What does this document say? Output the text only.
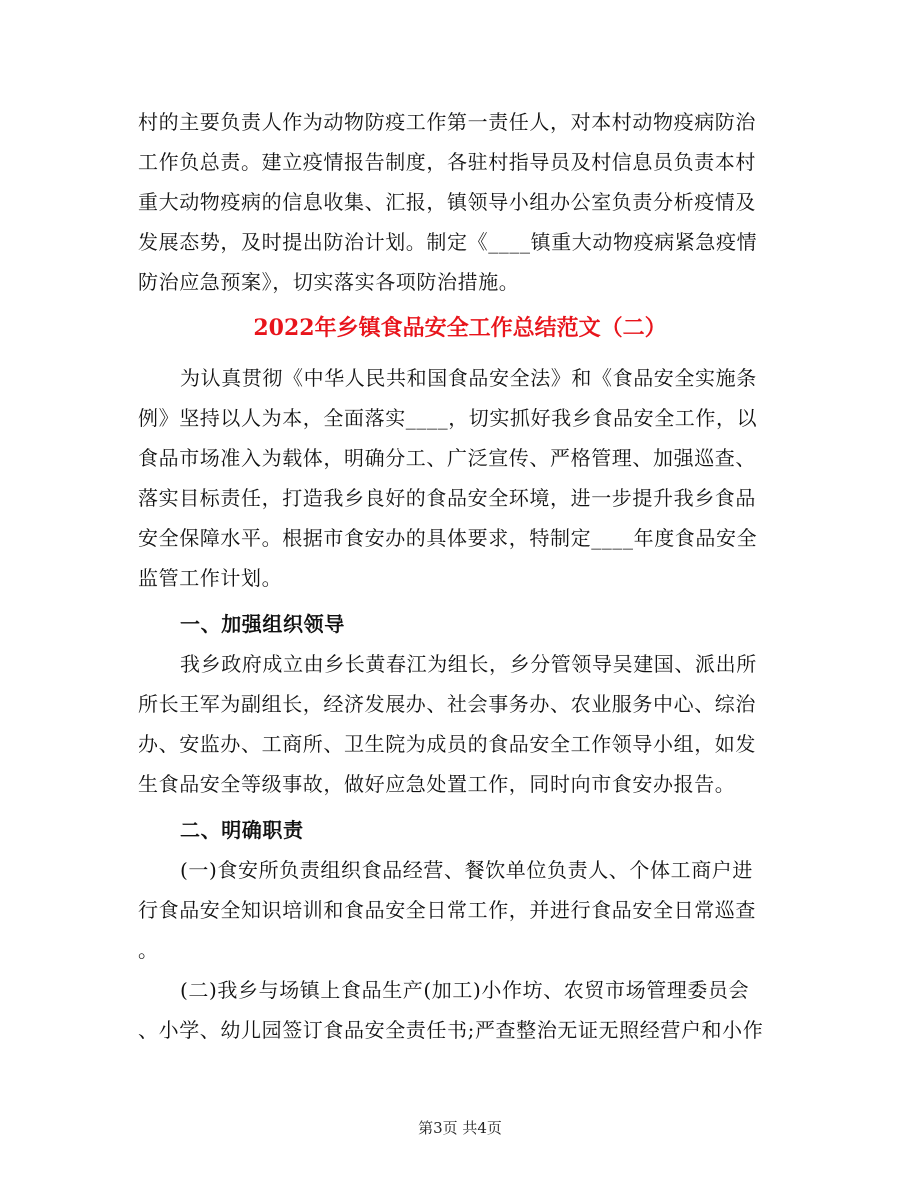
村的主要负责人作为动物防疫工作第一责任人，对本村动物疫病防治
工作负总责。建立疫情报告制度，各驻村指导员及村信息员负责本村
重大动物疫病的信息收集、汇报，镇领导小组办公室负责分析疫情及
发展态势，及时提出防治计划。制定《____镇重大动物疫病紧急疫情
防治应急预案》，切实落实各项防治措施。
2022年乡镇食品安全工作总结范文（二）
为认真贯彻《中华人民共和国食品安全法》和《食品安全实施条
例》坚持以人为本，全面落实____，切实抓好我乡食品安全工作，以
食品市场准入为载体，明确分工、广泛宣传、严格管理、加强巡查、
落实目标责任，打造我乡良好的食品安全环境，进一步提升我乡食品
安全保障水平。根据市食安办的具体要求，特制定____年度食品安全
监管工作计划。
一、加强组织领导
我乡政府成立由乡长黄春江为组长，乡分管领导吴建国、派出所
所长王军为副组长，经济发展办、社会事务办、农业服务中心、综治
办、安监办、工商所、卫生院为成员的食品安全工作领导小组，如发
生食品安全等级事故，做好应急处置工作，同时向市食安办报告。
二、明确职责
(一)食安所负责组织食品经营、餐饮单位负责人、个体工商户进
行食品安全知识培训和食品安全日常工作，并进行食品安全日常巡查
。
(二)我乡与场镇上食品生产(加工)小作坊、农贸市场管理委员会
、小学、幼儿园签订食品安全责任书;严查整治无证无照经营户和小作
第3页 共4页
